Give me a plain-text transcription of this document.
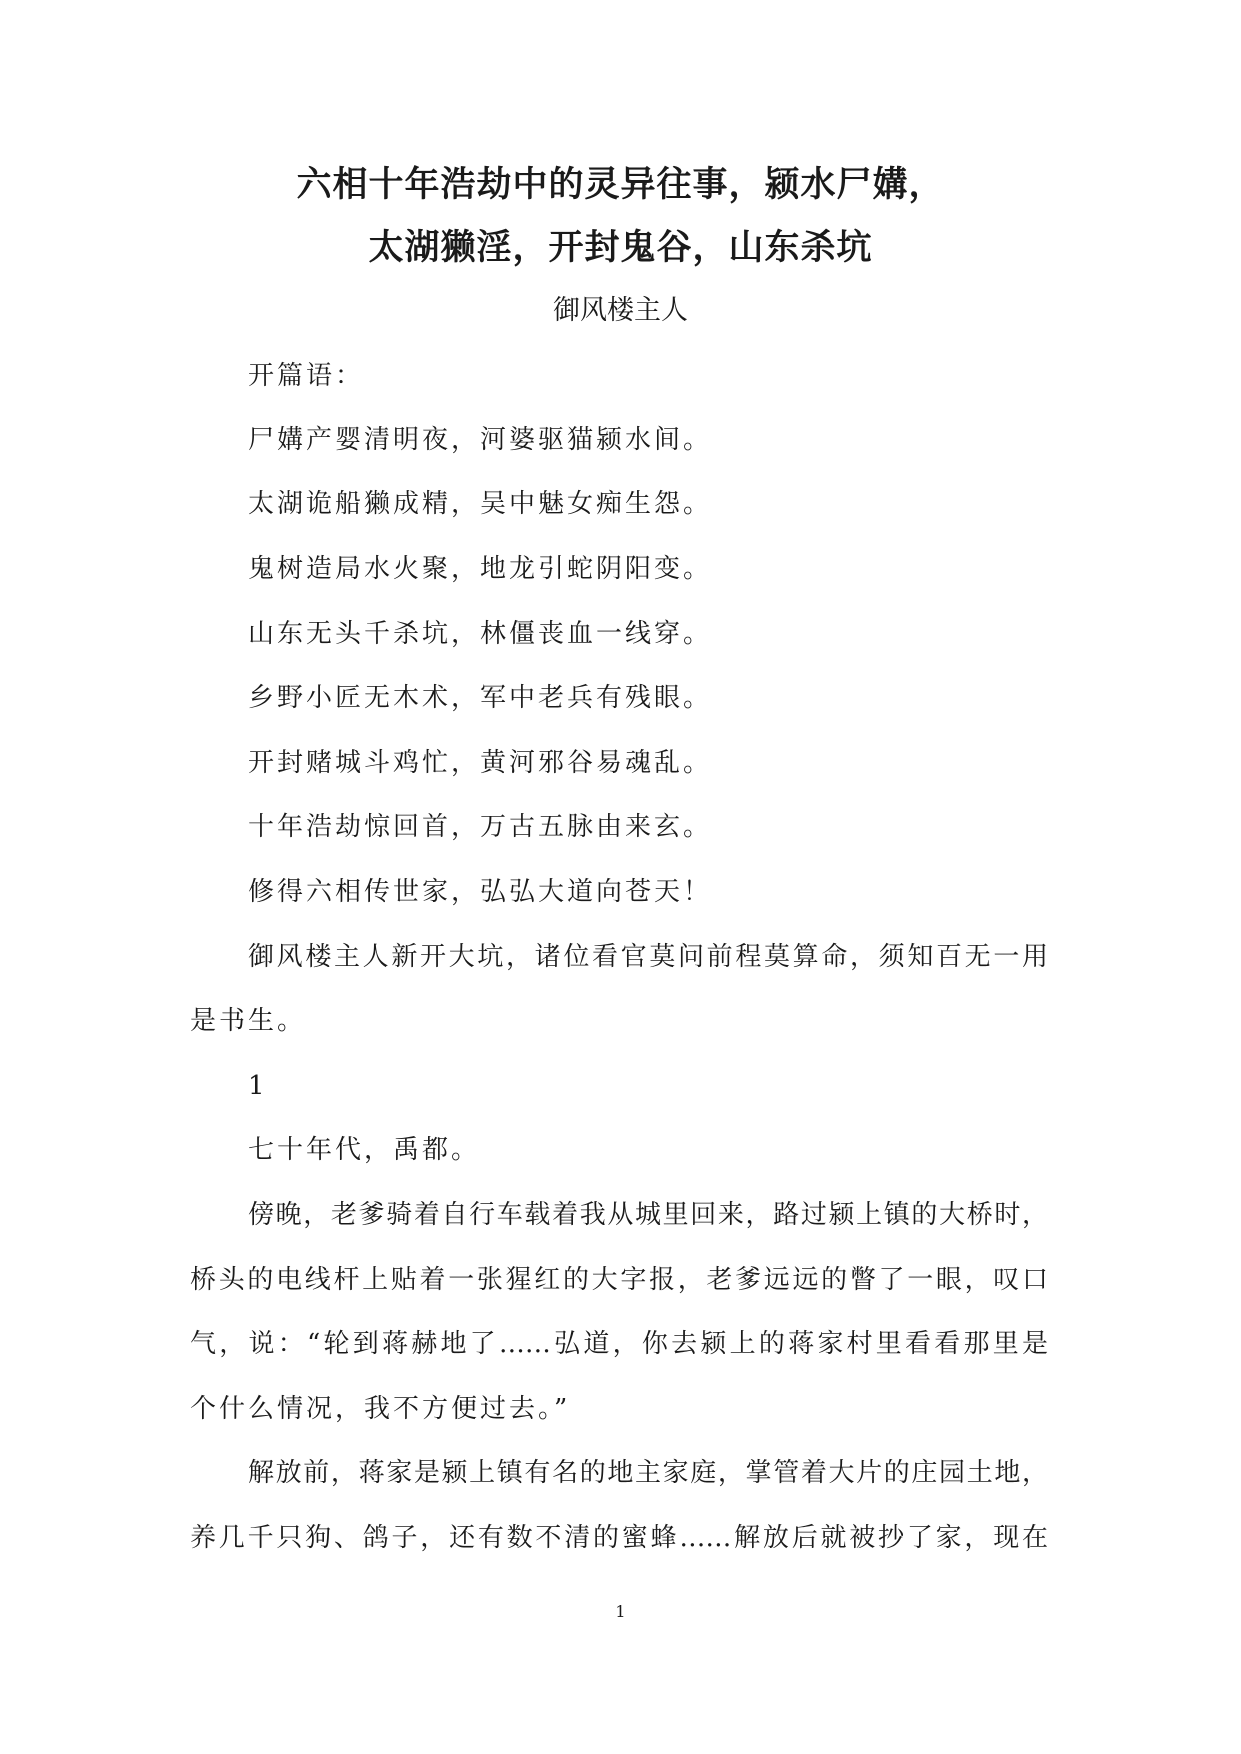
六相十年浩劫中的灵异往事，颍水尸媾，
太湖獭淫，开封鬼谷，山东杀坑
御风楼主人
开篇语：
尸媾产婴清明夜，河婆驱猫颍水间。
太湖诡船獭成精，吴中魅女痴生怨。
鬼树造局水火聚，地龙引蛇阴阳变。
山东无头千杀坑，林僵丧血一线穿。
乡野小匠无木术，军中老兵有残眼。
开封赌城斗鸡忙，黄河邪谷易魂乱。
十年浩劫惊回首，万古五脉由来玄。
修得六相传世家，弘弘大道向苍天！
御风楼主人新开大坑，诸位看官莫问前程莫算命，须知百无一用
是书生。
1
七十年代，禹都。
傍晚，老爹骑着自行车载着我从城里回来，路过颍上镇的大桥时，
桥头的电线杆上贴着一张猩红的大字报，老爹远远的瞥了一眼，叹口
气，说：“轮到蒋赫地了……弘道，你去颍上的蒋家村里看看那里是
个什么情况，我不方便过去。”
解放前，蒋家是颍上镇有名的地主家庭，掌管着大片的庄园土地，
养几千只狗、鸽子，还有数不清的蜜蜂……解放后就被抄了家，现在
1
